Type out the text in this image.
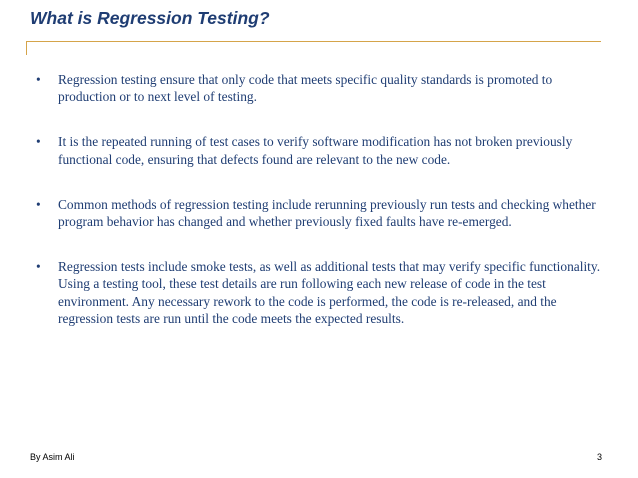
What is Regression Testing?
•	Regression testing ensure that only code that meets specific quality standards is promoted to production or to next level of testing.
•	It is the repeated running of test cases to verify software modification has not broken previously functional code, ensuring that defects found are relevant to the new code.
•	Common methods of regression testing include rerunning previously run tests and checking whether program behavior has changed and whether previously fixed faults have re-emerged.
•	Regression tests include smoke tests, as well as additional tests that may verify specific functionality. Using a testing tool, these test details are run following each new release of code in the test environment. Any necessary rework to the code is performed, the code is re-released, and the regression tests are run until the code meets the expected results.
By Asim Ali	3
